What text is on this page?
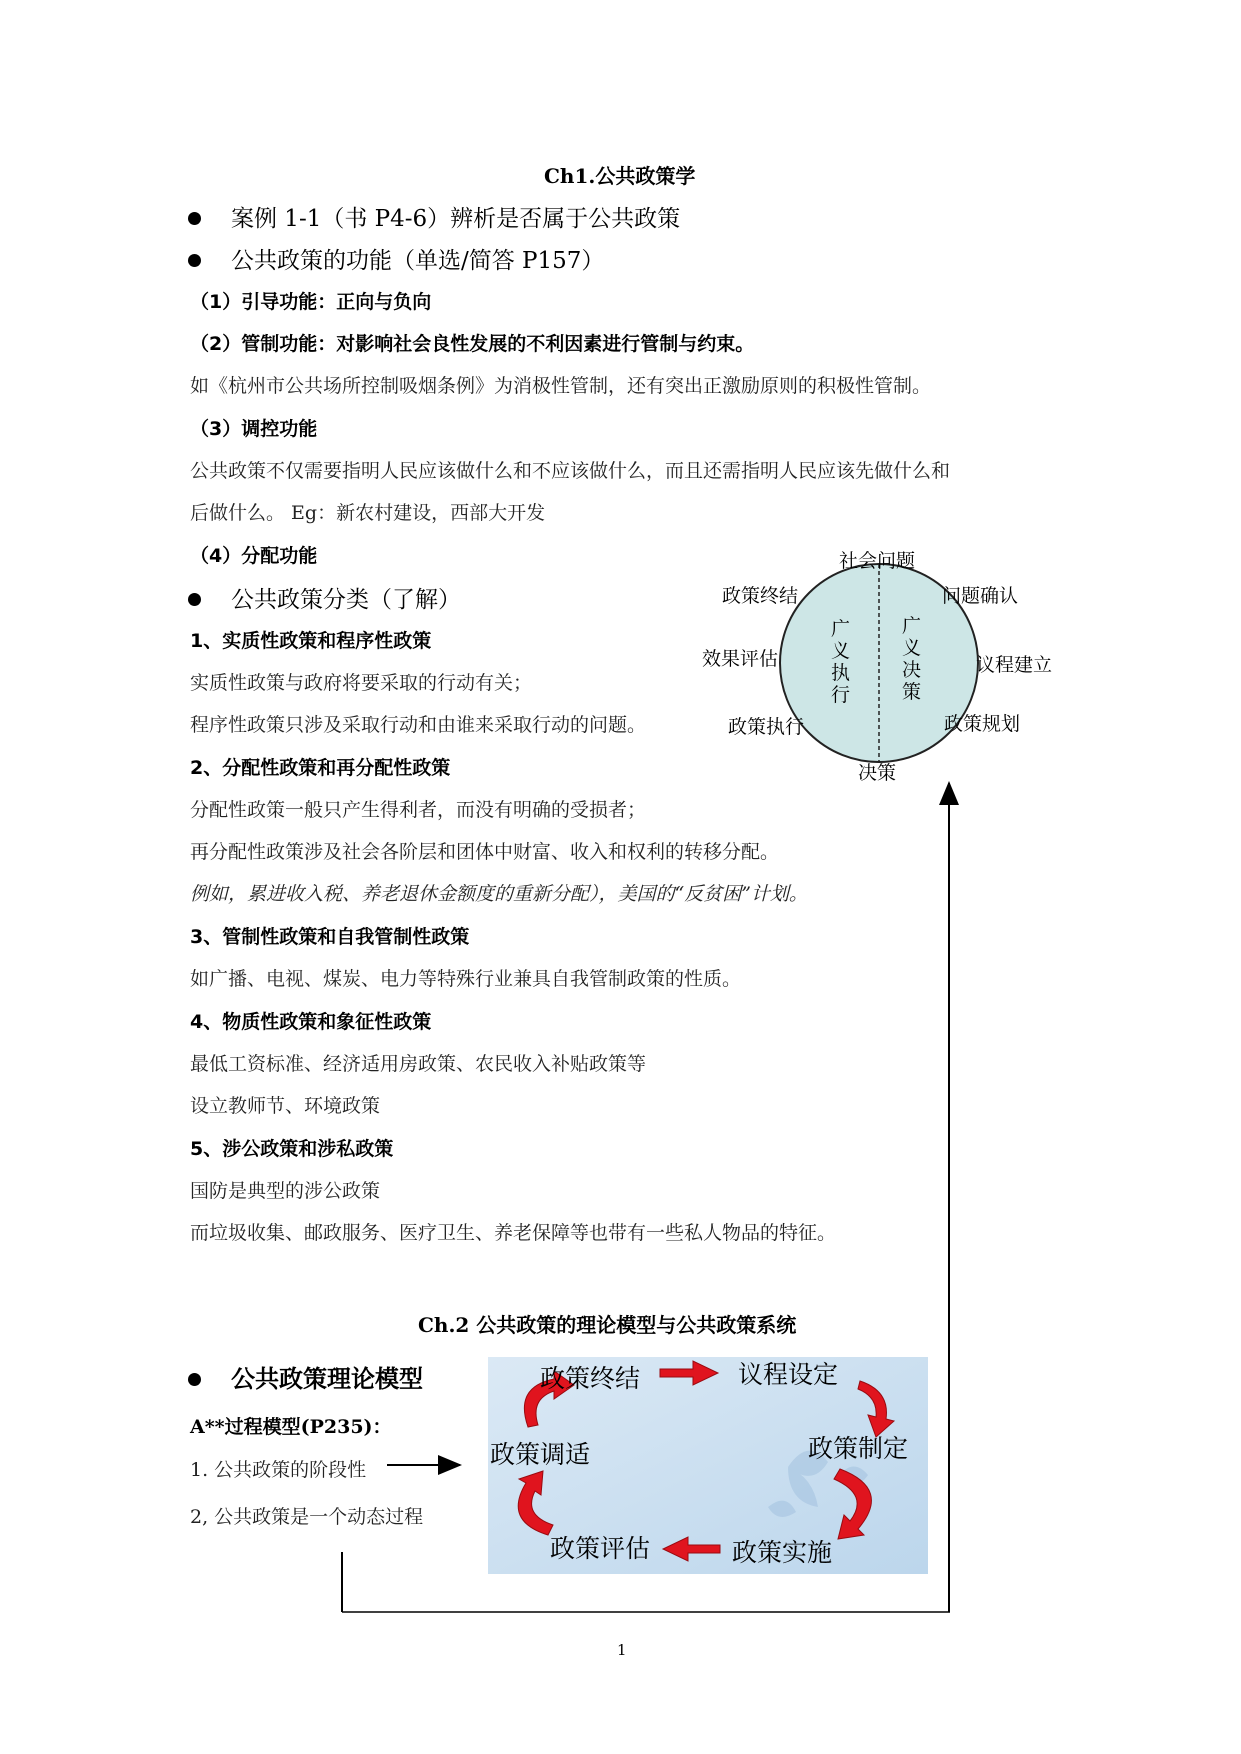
Ch1.公共政策学
案例 1-1（书 P4-6）辨析是否属于公共政策
公共政策的功能（单选/简答 P157）
（1）引导功能：正向与负向
（2）管制功能：对影响社会良性发展的不利因素进行管制与约束。
如《杭州市公共场所控制吸烟条例》为消极性管制，还有突出正激励原则的积极性管制。
（3）调控功能
公共政策不仅需要指明人民应该做什么和不应该做什么，而且还需指明人民应该先做什么和
后做什么。 Eg：新农村建设，西部大开发
（4）分配功能
公共政策分类（了解）
1、实质性政策和程序性政策
实质性政策与政府将要采取的行动有关；
程序性政策只涉及采取行动和由谁来采取行动的问题。
2、分配性政策和再分配性政策
分配性政策一般只产生得利者，而没有明确的受损者；
再分配性政策涉及社会各阶层和团体中财富、收入和权利的转移分配。
例如，累进收入税、养老退休金额度的重新分配），美国的“反贫困”计划。
3、管制性政策和自我管制性政策
如广播、电视、煤炭、电力等特殊行业兼具自我管制政策的性质。
4、物质性政策和象征性政策
最低工资标准、经济适用房政策、农民收入补贴政策等
设立教师节、环境政策
5、涉公政策和涉私政策
国防是典型的涉公政策
而垃圾收集、邮政服务、医疗卫生、养老保障等也带有一些私人物品的特征。
社会问题
问题确认
议程建立
政策规划
决策
政策执行
效果评估
政策终结
广
义
执
行
广
义
决
策
Ch.2 公共政策的理论模型与公共政策系统
公共政策理论模型
A**过程模型(P235)：
1. 公共政策的阶段性
2, 公共政策是一个动态过程
政策终结	议程设定
政策调适	政策制定
政策评估	政策实施
1
